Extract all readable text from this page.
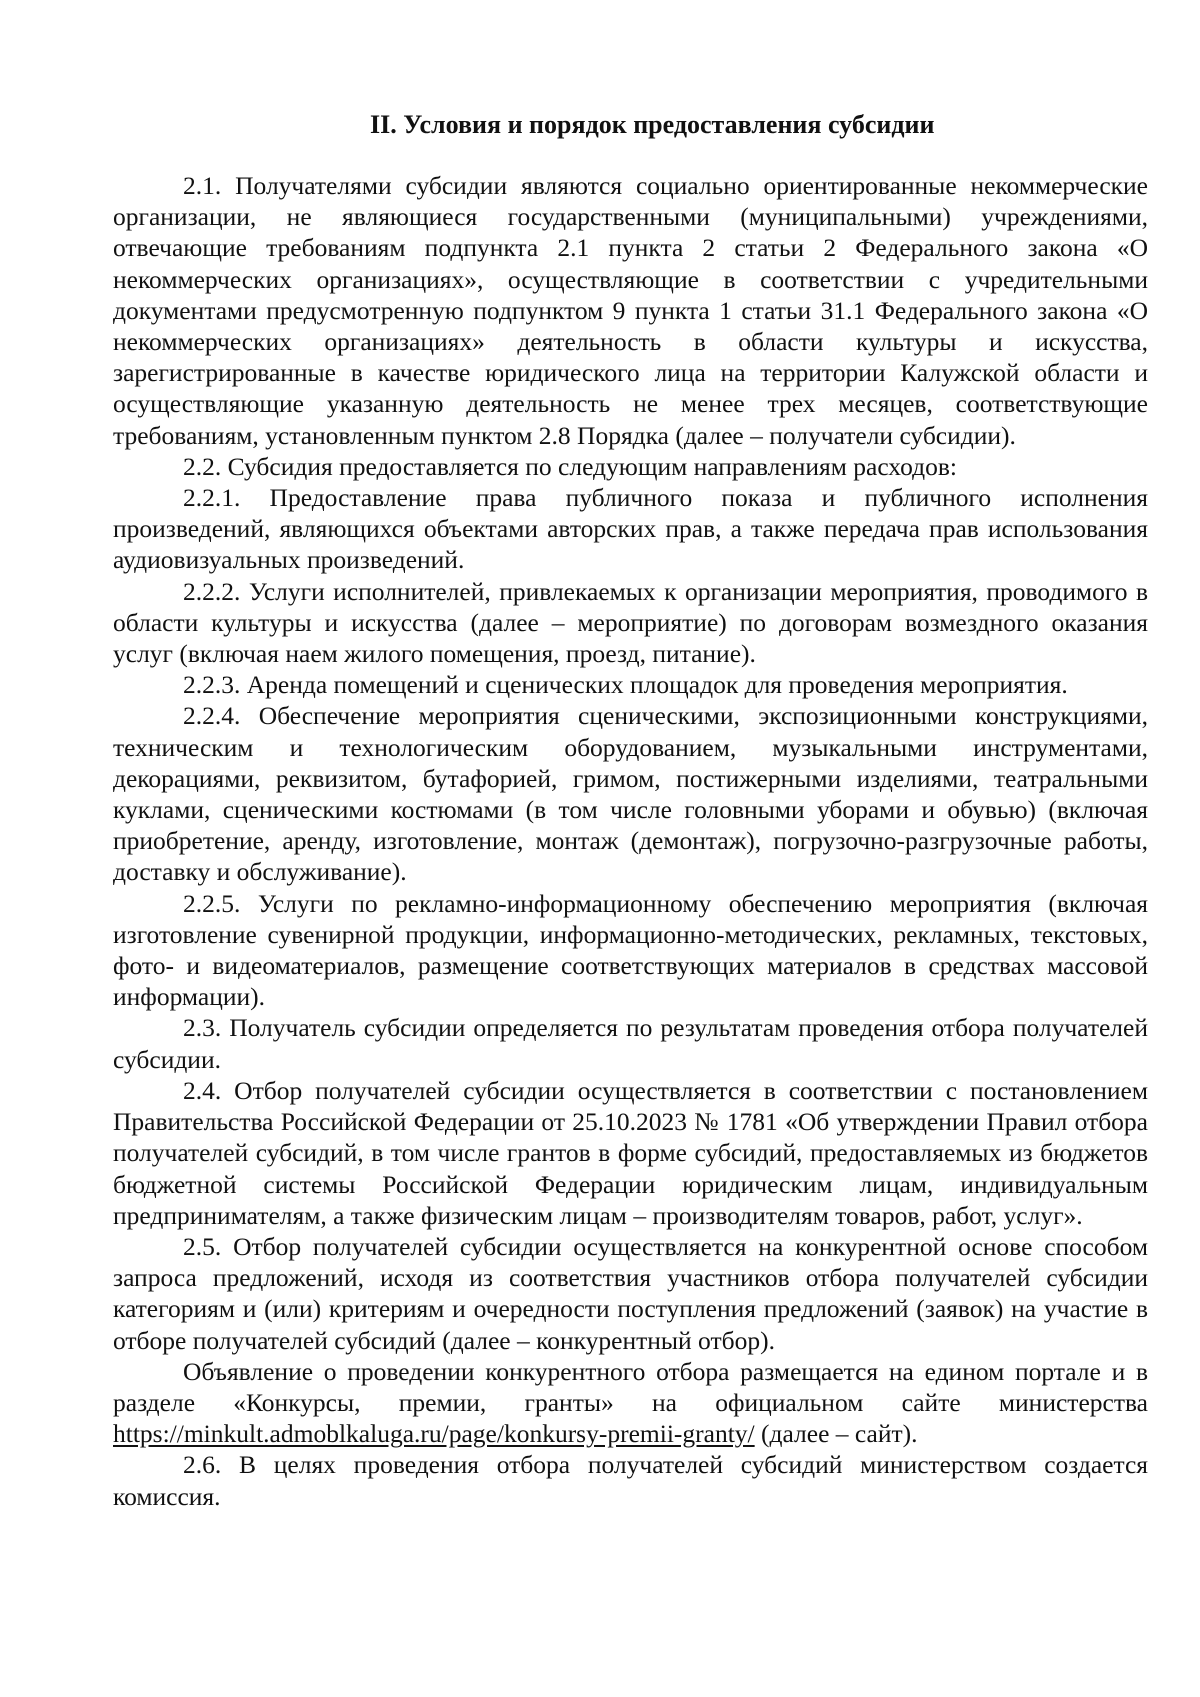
II. Условия и порядок предоставления субсидии

2.1. Получателями субсидии являются социально ориентированные некоммерческие организации, не являющиеся государственными (муниципальными) учреждениями, отвечающие требованиям подпункта 2.1 пункта 2 статьи 2 Федерального закона «О некоммерческих организациях», осуществляющие в соответствии с учредительными документами предусмотренную подпунктом 9 пункта 1 статьи 31.1 Федерального закона «О некоммерческих организациях» деятельность в области культуры и искусства, зарегистрированные в качестве юридического лица на территории Калужской области и осуществляющие указанную деятельность не менее трех месяцев, соответствующие требованиям, установленным пунктом 2.8 Порядка (далее – получатели субсидии).

2.2. Субсидия предоставляется по следующим направлениям расходов:

2.2.1. Предоставление права публичного показа и публичного исполнения произведений, являющихся объектами авторских прав, а также передача прав использования аудиовизуальных произведений.

2.2.2. Услуги исполнителей, привлекаемых к организации мероприятия, проводимого в области культуры и искусства (далее – мероприятие) по договорам возмездного оказания услуг (включая наем жилого помещения, проезд, питание).

2.2.3. Аренда помещений и сценических площадок для проведения мероприятия.

2.2.4. Обеспечение мероприятия сценическими, экспозиционными конструкциями, техническим и технологическим оборудованием, музыкальными инструментами, декорациями, реквизитом, бутафорией, гримом, постижерными изделиями, театральными куклами, сценическими костюмами (в том числе головными уборами и обувью) (включая приобретение, аренду, изготовление, монтаж (демонтаж), погрузочно-разгрузочные работы, доставку и обслуживание).

2.2.5. Услуги по рекламно-информационному обеспечению мероприятия (включая изготовление сувенирной продукции, информационно-методических, рекламных, текстовых, фото- и видеоматериалов, размещение соответствующих материалов в средствах массовой информации).

2.3. Получатель субсидии определяется по результатам проведения отбора получателей субсидии.

2.4. Отбор получателей субсидии осуществляется в соответствии с постановлением Правительства Российской Федерации от 25.10.2023 № 1781 «Об утверждении Правил отбора получателей субсидий, в том числе грантов в форме субсидий, предоставляемых из бюджетов бюджетной системы Российской Федерации юридическим лицам, индивидуальным предпринимателям, а также физическим лицам – производителям товаров, работ, услуг».

2.5. Отбор получателей субсидии осуществляется на конкурентной основе способом запроса предложений, исходя из соответствия участников отбора получателей субсидии категориям и (или) критериям и очередности поступления предложений (заявок) на участие в отборе получателей субсидий (далее – конкурентный отбор).

Объявление о проведении конкурентного отбора размещается на едином портале и в разделе «Конкурсы, премии, гранты» на официальном сайте министерства https://minkult.admoblkaluga.ru/page/konkursy-premii-granty/ (далее – сайт).

2.6. В целях проведения отбора получателей субсидий министерством создается комиссия.
